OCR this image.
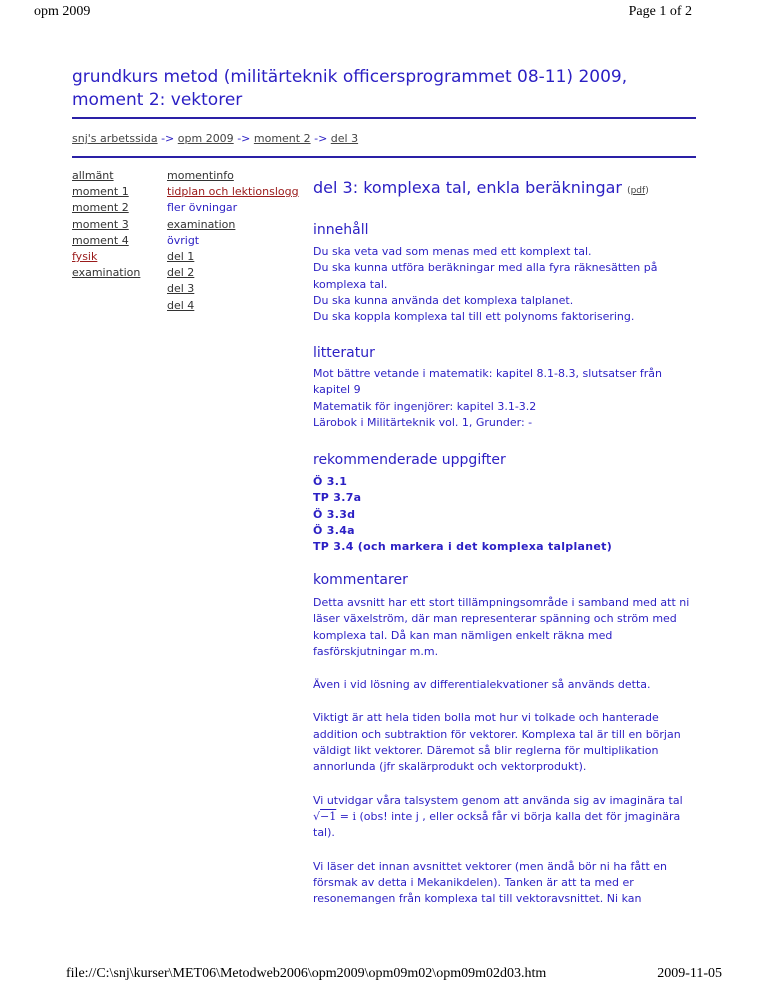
opm 2009	Page 1 of 2
grundkurs metod (militärteknik officersprogrammet 08-11) 2009, moment 2: vektorer
snj's arbetssida -> opm 2009 -> moment 2 -> del 3
allmänt
moment 1
moment 2
moment 3
moment 4
fysik
examination
momentinfo
tidplan och lektionslogg
fler övningar
examination
övrigt
del 1
del 2
del 3
del 4
del 3: komplexa tal, enkla beräkningar (pdf)
innehåll

Du ska veta vad som menas med ett komplext tal.

Du ska kunna utföra beräkningar med alla fyra räknesätten på komplexa tal.

Du ska kunna använda det komplexa talplanet.

Du ska koppla komplexa tal till ett polynoms faktorisering.

litteratur

Mot bättre vetande i matematik: kapitel 8.1-8.3, slutsatser från kapitel 9

Matematik för ingenjörer: kapitel 3.1-3.2

Lärobok i Militärteknik vol. 1, Grunder: -

rekommenderade uppgifter

Ö 3.1

TP 3.7a

Ö 3.3d

Ö 3.4a

TP 3.4 (och markera i det komplexa talplanet)

kommentarer

Detta avsnitt har ett stort tillämpningsområde i samband med att ni läser växelström, där man representerar spänning och ström med komplexa tal. Då kan man nämligen enkelt räkna med fasförskjutningar m.m.

Även i vid lösning av differentialekvationer så används detta.

Viktigt är att hela tiden bolla mot hur vi tolkade och hanterade addition och subtraktion för vektorer. Komplexa tal är till en början väldigt likt vektorer. Däremot så blir reglerna för multiplikation annorlunda (jfr skalärprodukt och vektorprodukt).

Vi utvidgar våra talsystem genom att använda sig av imaginära tal √−1 = i (obs! inte j , eller också får vi börja kalla det för jmaginära tal).

Vi läser det innan avsnittet vektorer (men ändå bör ni ha fått en försmak av detta i Mekanikdelen). Tanken är att ta med er resonemangen från komplexa tal till vektoravsnittet. Ni kan

file://C:\snj\kurser\MET06\Metodweb2006\opm2009\opm09m02\opm09m02d03.htm	2009-11-05
